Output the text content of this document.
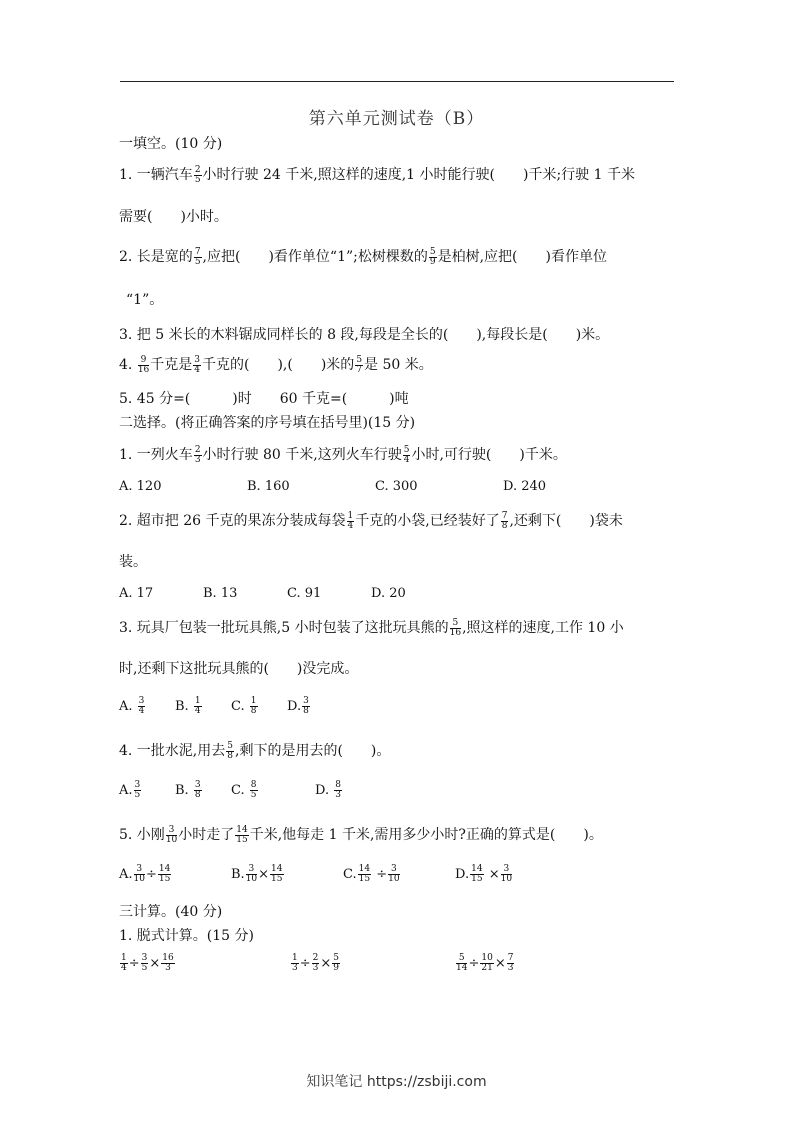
第六单元测试卷（B）
一填空。(10 分)
1. 一辆汽车 $\frac{2}{5}$ 小时行驶 24 千米,照这样的速度,1 小时能行驶(　　)千米;行驶 1 千米
需要(　　)小时。
2. 长是宽的 $\frac{7}{5}$ ,应把(　　)看作单位“1”;松树棵数的 $\frac{5}{9}$ 是柏树,应把(　　)看作单位
“1”。
3. 把 5 米长的木料锯成同样长的 8 段,每段是全长的(　　),每段长是(　　)米。
4. $\frac{9}{16}$ 千克是 $\frac{3}{4}$ 千克的(　　),(　　)米的 $\frac{5}{7}$ 是 50 米。
5. 45 分=(　　　)时　　60 千克=(　　　)吨
二选择。(将正确答案的序号填在括号里)(15 分)
1. 一列火车 $\frac{2}{3}$ 小时行驶 80 千米,这列火车行驶 $\frac{5}{4}$ 小时,可行驶(　　)千米。
A. 120	B. 160	C. 300	D. 240
2. 超市把 26 千克的果冻分装成每袋 $\frac{1}{4}$ 千克的小袋,已经装好了 $\frac{7}{8}$ ,还剩下(　　)袋未
装。
A. 17	B. 13	C. 91	D. 20
3. 玩具厂包装一批玩具熊,5 小时包装了这批玩具熊的 $\frac{5}{16}$ ,照这样的速度,工作 10 小
时,还剩下这批玩具熊的(　　)没完成。
A. $\frac{3}{4} B$. $\frac{1}{4} C$. $\frac{1}{8} D$. $\frac{3}{8}$
4. 一批水泥,用去 $\frac{5}{8}$ ,剩下的是用去的(　　)。
A. $\frac{3}{5}$	B. $\frac{3}{8} C$. $\frac{8}{5}$	D. $\frac{8}{3}$
5. 小刚 $\frac{3}{10}$ 小时走了 $\frac{14}{15}$ 千米,他每走 1 千米,需用多少小时?正确的算式是(　　)。
A. $\frac{3}{10} \div \frac{14}{15}$	B. $\frac{3}{10} \times \frac{14}{15}$	C. $\frac{14}{15} \div \frac{3}{10}$	D. $\frac{14}{15} \times \frac{3}{10}$
三计算。(40 分)
1. 脱式计算。(15 分)
$\frac{1}{4} \div \frac{3}{5} \times \frac{16}{3}$	$\frac{1}{3} \div \frac{2}{3} \times \frac{5}{9}$	$\frac{5}{14} \div \frac{10}{21} \times \frac{7}{3}$
知识笔记 https://zsbiji.com
